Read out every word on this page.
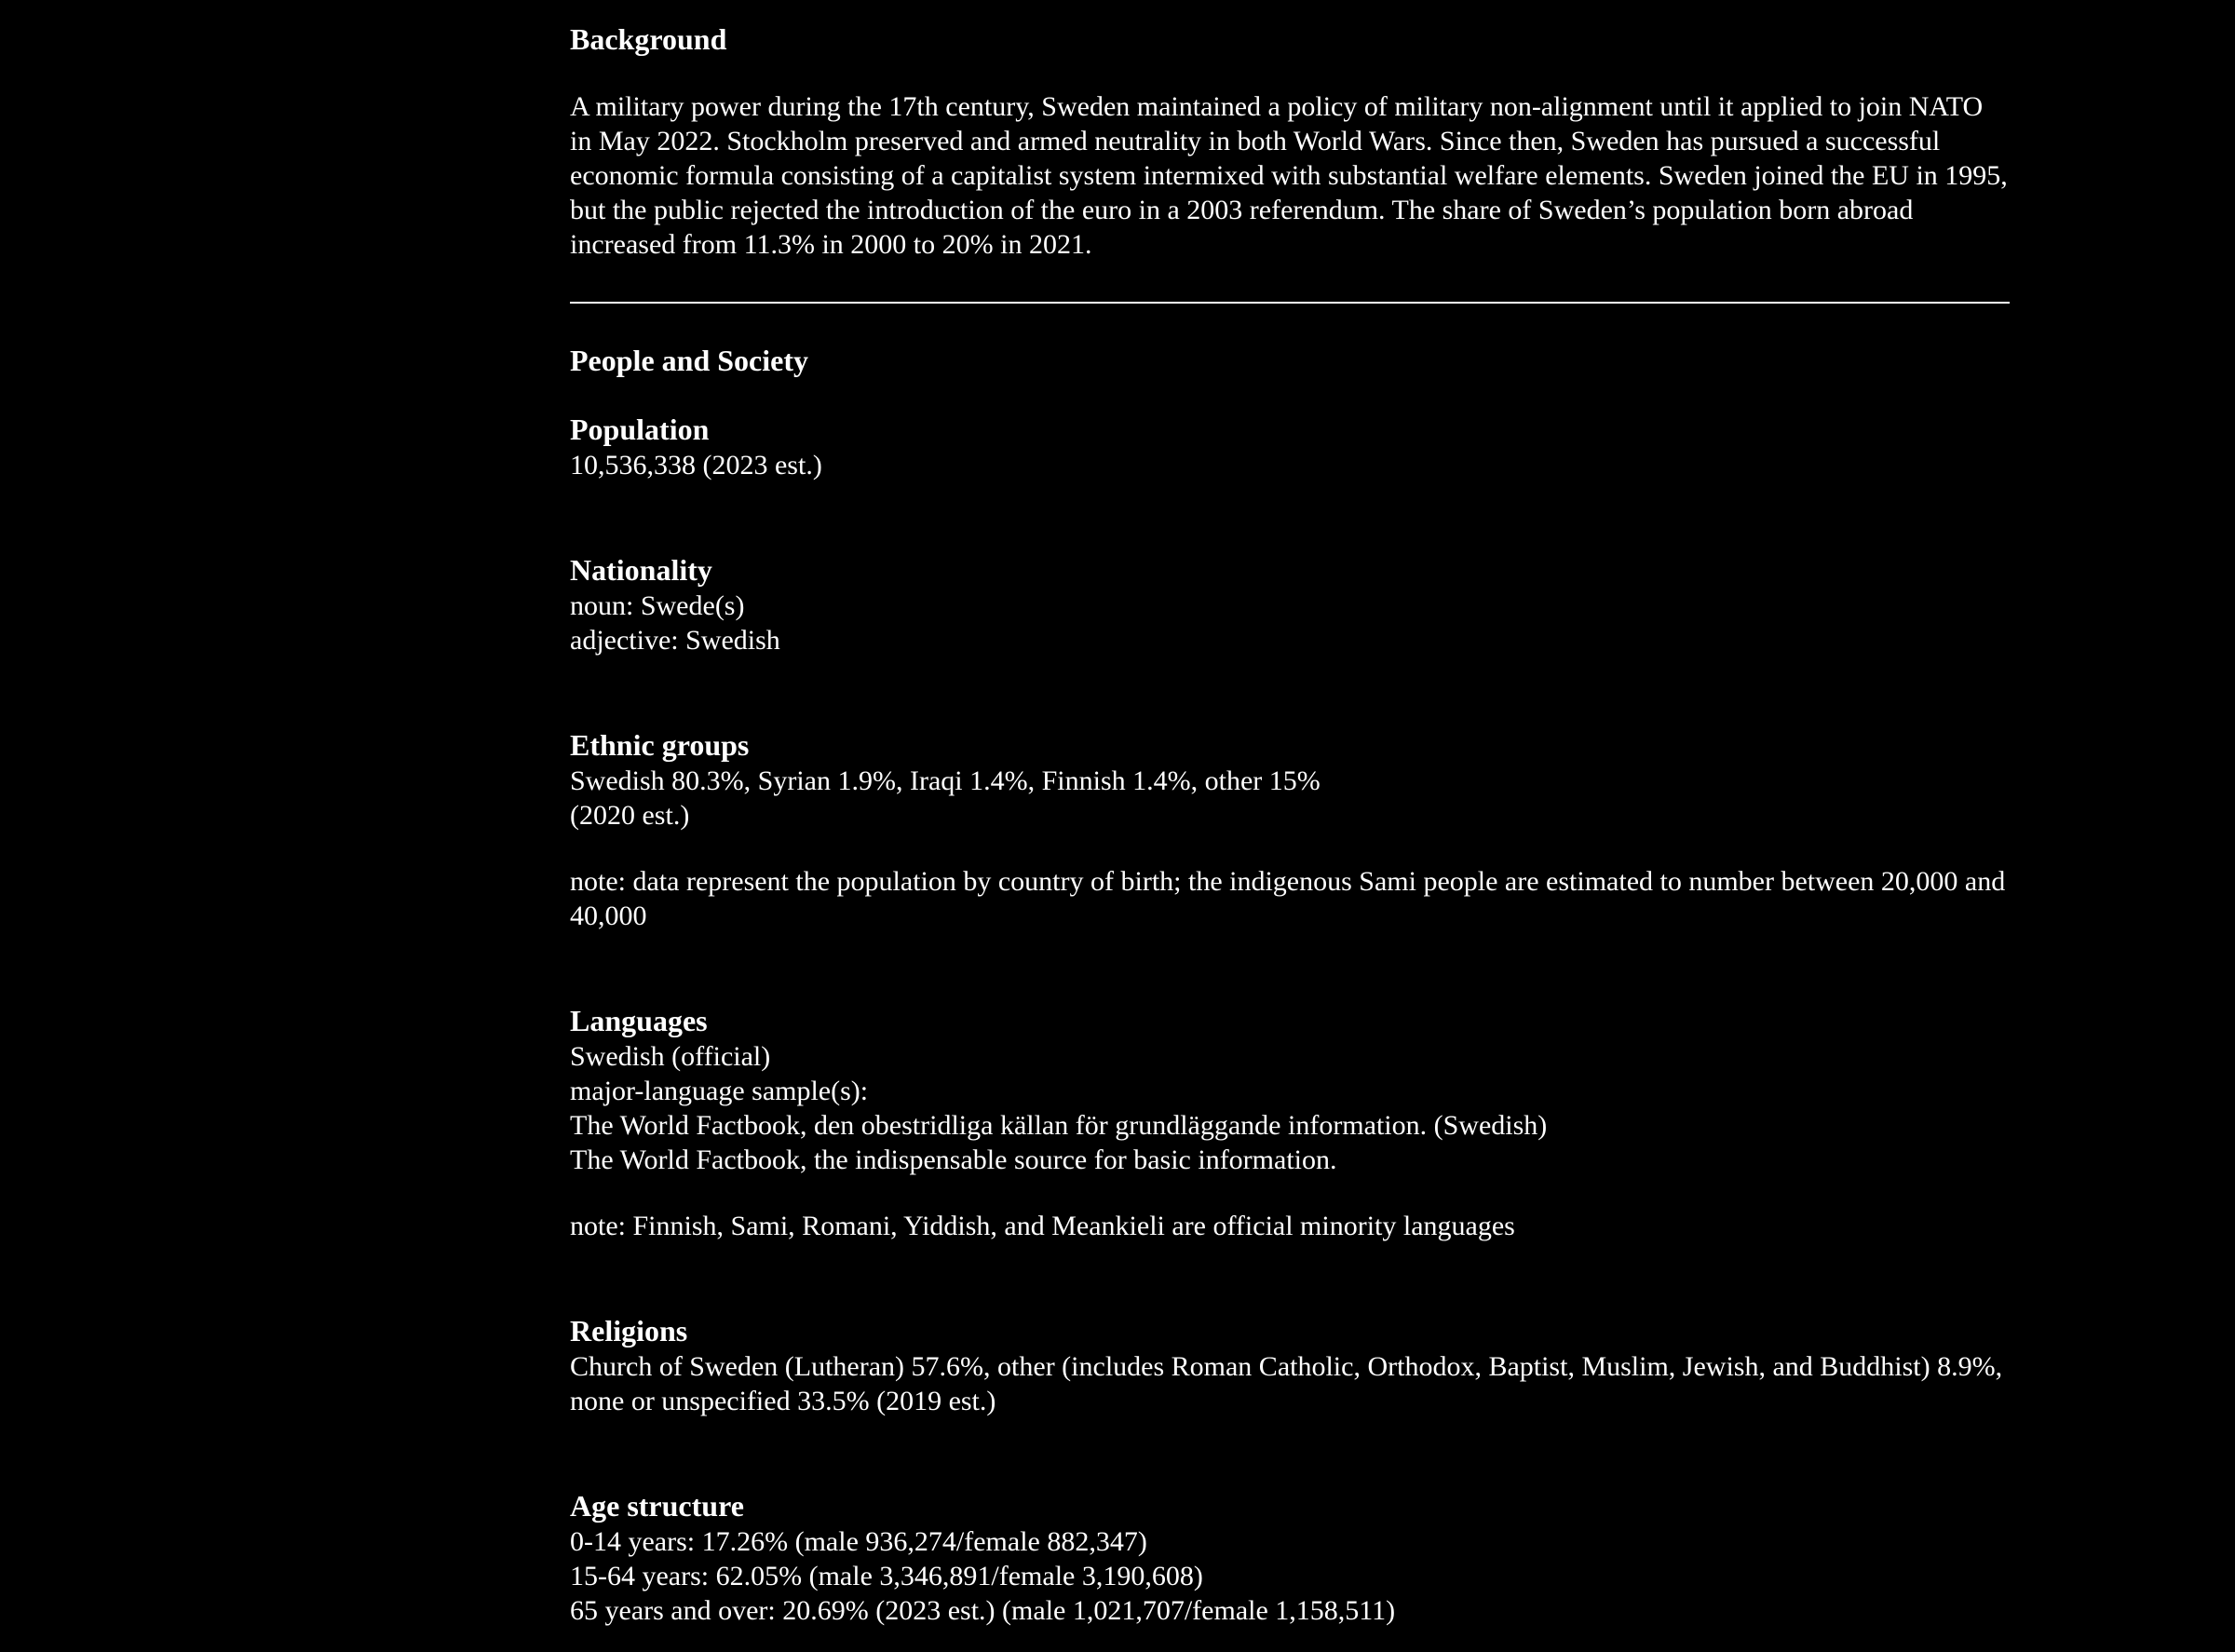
Background

A military power during the 17th century, Sweden maintained a policy of military non-alignment until it applied to join NATO in May 2022. Stockholm preserved and armed neutrality in both World Wars. Since then, Sweden has pursued a successful economic formula consisting of a capitalist system intermixed with substantial welfare elements. Sweden joined the EU in 1995, but the public rejected the introduction of the euro in a 2003 referendum. The share of Sweden’s population born abroad increased from 11.3% in 2000 to 20% in 2021.

People and Society
Population
10,536,338 (2023 est.)
Nationality
noun: Swede(s)
adjective: Swedish
Ethnic groups
Swedish 80.3%, Syrian 1.9%, Iraqi 1.4%, Finnish 1.4%, other 15%
(2020 est.)
note: data represent the population by country of birth; the indigenous Sami people are estimated to number between 20,000 and 40,000
Languages
Swedish (official)
major-language sample(s):
The World Factbook, den obestridliga källan för grundläggande information. (Swedish)
The World Factbook, the indispensable source for basic information.
note: Finnish, Sami, Romani, Yiddish, and Meankieli are official minority languages
Religions
Church of Sweden (Lutheran) 57.6%, other (includes Roman Catholic, Orthodox, Baptist, Muslim, Jewish, and Buddhist) 8.9%, none or unspecified 33.5% (2019 est.)
Age structure
0-14 years: 17.26% (male 936,274/female 882,347)
15-64 years: 62.05% (male 3,346,891/female 3,190,608)
65 years and over: 20.69% (2023 est.) (male 1,021,707/female 1,158,511)
